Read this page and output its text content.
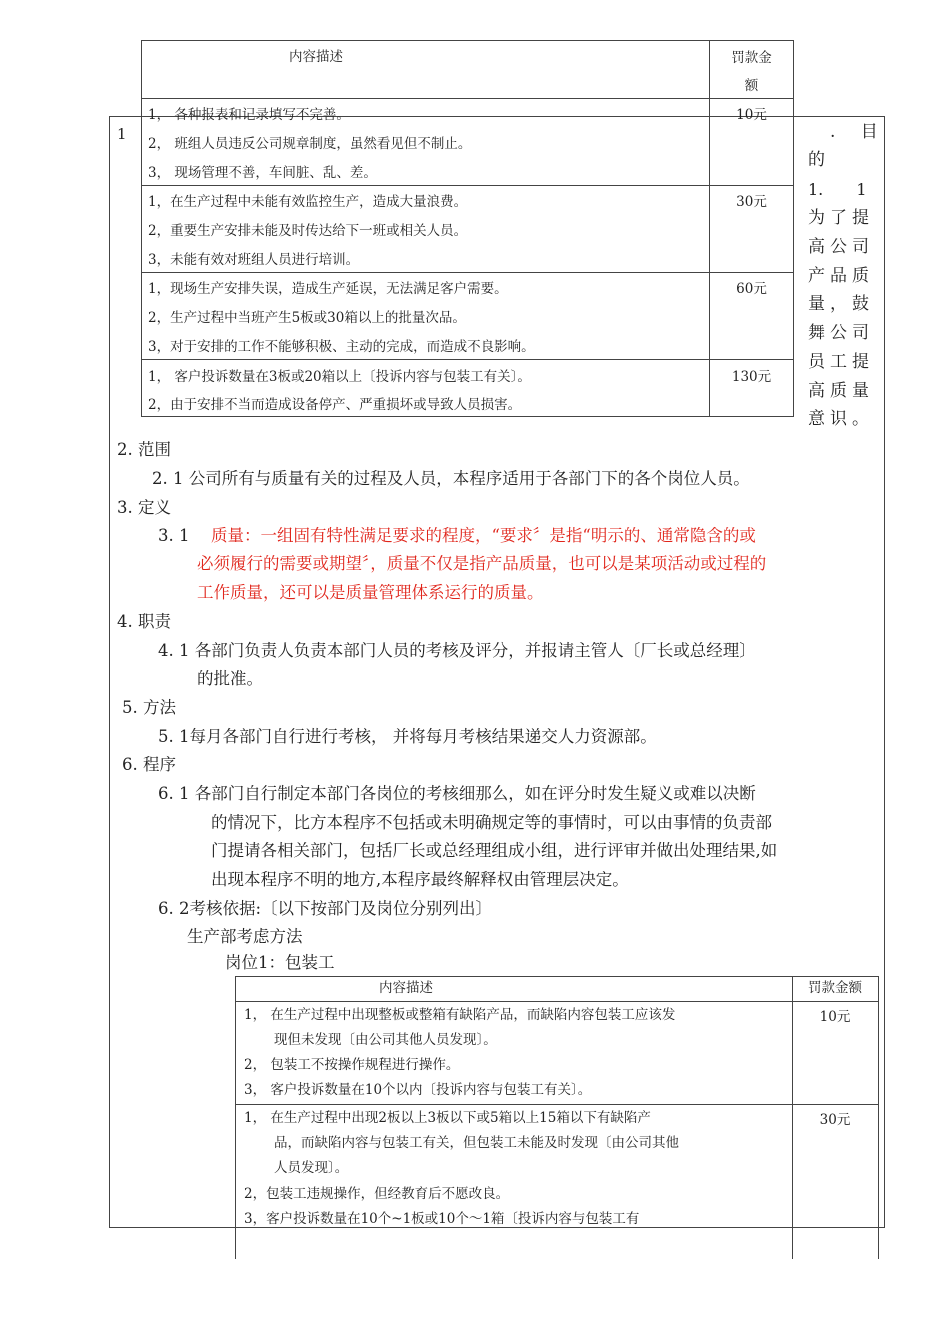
内容描述	罚款金
额
1， 各种报表和记录填写不完善。
2， 班组人员违反公司规章制度，虽然看见但不制止。
3， 现场管理不善，车间脏、乱、差。
10元
1，在生产过程中未能有效监控生产，造成大量浪费。
2，重要生产安排未能及时传达给下一班或相关人员。
3，未能有效对班组人员进行培训。
30元
1，现场生产安排失误，造成生产延误，无法满足客户需要。
2，生产过程中当班产生5板或30箱以上的批量次品。
3，对于安排的工作不能够积极、主动的完成，而造成不良影响。
60元
1， 客户投诉数量在3板或20箱以上〔投诉内容与包装工有关〕。
2，由于安排不当而造成设备停产、严重损坏或导致人员损害。
130元
1	. 目
的
1. 1
为了提
高公司
产品质
量，鼓
舞公司
员工提
高质量
意识。
2. 范围
2. 1 公司所有与质量有关的过程及人员，本程序适用于各部门下的各个岗位人员。
3. 定义
3. 1 质量：一组固有特性满足要求的程度，“要求〞是指“明示的、通常隐含的或
必须履行的需要或期望〞，质量不仅是指产品质量，也可以是某项活动或过程的
工作质量，还可以是质量管理体系运行的质量。
4. 职责
4. 1 各部门负责人负责本部门人员的考核及评分，并报请主管人〔厂长或总经理〕
的批准。
5. 方法
5. 1每月各部门自行进行考核， 并将每月考核结果递交人力资源部。
6. 程序
6. 1 各部门自行制定本部门各岗位的考核细那么，如在评分时发生疑义或难以决断
的情况下，比方本程序不包括或未明确规定等的事情时，可以由事情的负责部
门提请各相关部门，包括厂长或总经理组成小组，进行评审并做出处理结果,如
出现本程序不明的地方,本程序最终解释权由管理层决定。
6. 2考核依据:〔以下按部门及岗位分别列出〕
生产部考虑方法
岗位1：包装工
内容描述	罚款金额
1， 在生产过程中出现整板或整箱有缺陷产品，而缺陷内容包装工应该发
现但未发现〔由公司其他人员发现〕。
2， 包装工不按操作规程进行操作。
3， 客户投诉数量在10个以内〔投诉内容与包装工有关〕。
10元
1， 在生产过程中出现2板以上3板以下或5箱以上15箱以下有缺陷产
品，而缺陷内容与包装工有关，但包装工未能及时发现〔由公司其他
人员发现〕。
2，包装工违规操作，但经教育后不愿改良。
3，客户投诉数量在10个~1板或10个～1箱〔投诉内容与包装工有
30元
